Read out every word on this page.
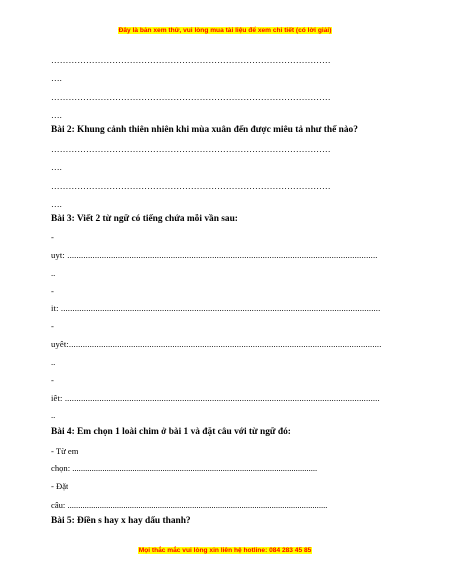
Đây là bản xem thử, vui lòng mua tài liệu để xem chi tiết (có lời giải)
……………………………………………………………………………………
….
……………………………………………………………………………………
….
Bài 2: Khung cảnh thiên nhiên khi mùa xuân đến được miêu tả như thế nào?
……………………………………………………………………………………
….
……………………………………………………………………………………
….
Bài 3: Viết 2 từ ngữ có tiếng chứa mỗi vần sau:
-
uyt: .......................................................................................................................................
..
-
it: ...........................................................................................................................................
-
uyêt:........................................................................................................................................
..
-
iêt: .........................................................................................................................................
..
Bài 4: Em chọn 1 loài chim ở bài 1 và đặt câu với từ ngữ đó:
- Từ em
chọn: ..................................................................................................................
- Đặt
câu: .........................................................................................................................
Bài 5: Điền s hay x hay dấu thanh?
Mọi thắc mắc vui lòng xin liên hệ hotline: 084 283 45 85
